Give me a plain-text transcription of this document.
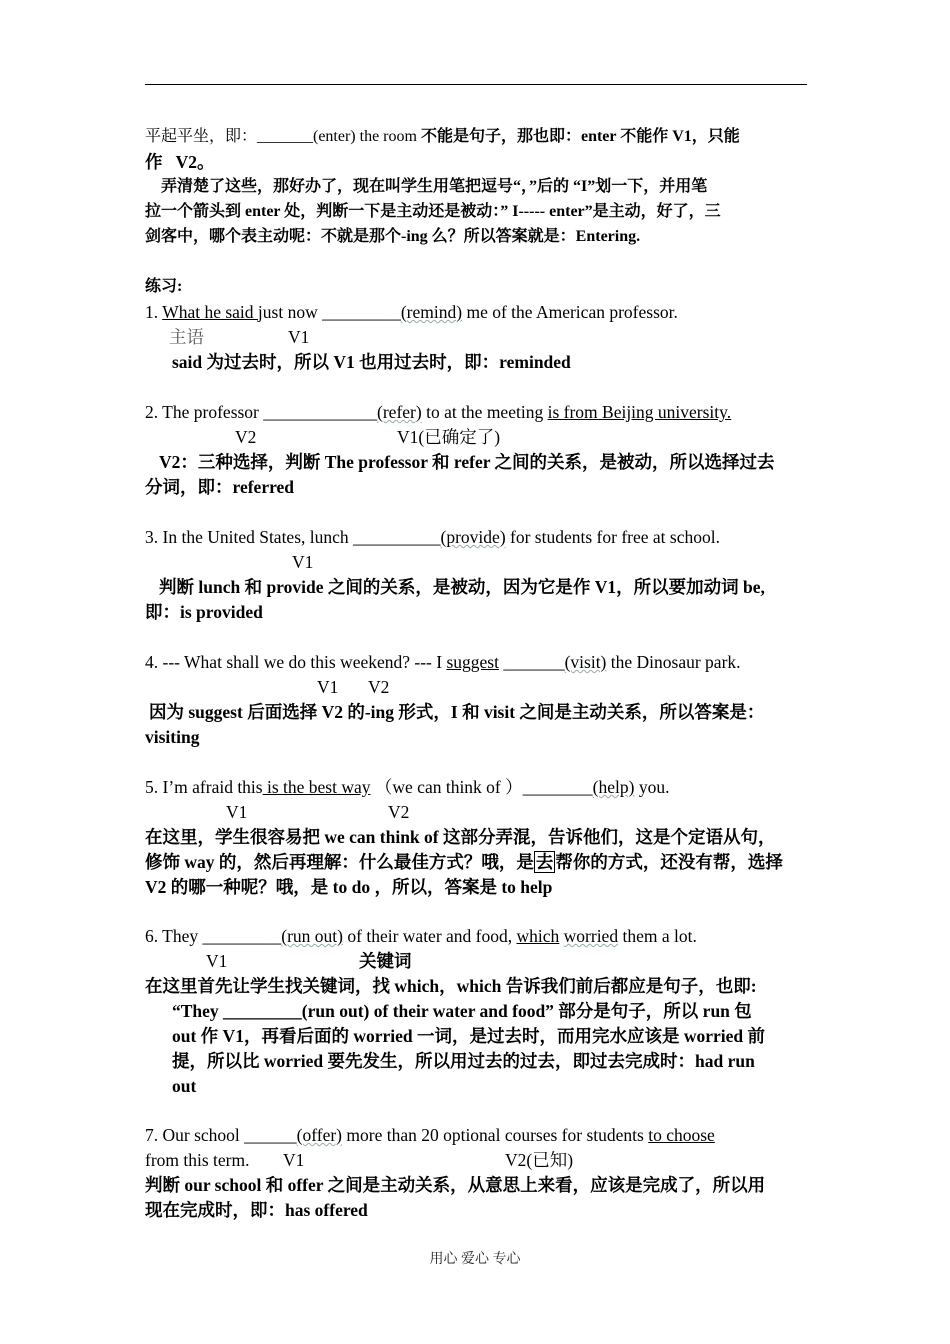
平起平坐，即：_______(enter) the room 不能是句子，那也即：enter 不能作 V1，只能
作   V2。
弄清楚了这些，那好办了，现在叫学生用笔把逗号“，”后的 “I”划一下，并用笔
拉一个箭头到 enter 处，判断一下是主动还是被动：” I----- enter”是主动，好了，三
剑客中，哪个表主动呢：不就是那个-ing 么？所以答案就是：Entering.
练习:
1. What he said just now _________(remind) me of the American professor.
主语	V1
said 为过去时，所以 V1 也用过去时，即：reminded
2. The professor _____________(refer) to at the meeting is from Beijing university.
V2	V1(已确定了)
V2：三种选择，判断 The professor 和 refer 之间的关系，是被动，所以选择过去
分词，即：referred
3. In the United States, lunch __________(provide) for students for free at school.
V1
判断 lunch 和 provide 之间的关系，是被动，因为它是作 V1，所以要加动词 be,
即：is provided
4. --- What shall we do this weekend? --- I suggest _______(visit) the Dinosaur park.
V1 V2
因为 suggest 后面选择 V2 的-ing 形式，I 和 visit 之间是主动关系，所以答案是：
visiting
5. I’m afraid this is the best way （we can think of ）________(help) you.
V1	V2
在这里，学生很容易把 we can think of 这部分弄混，告诉他们，这是个定语从句，
修饰 way 的，然后再理解：什么最佳方式？哦，是 去 帮你的方式，还没有帮，选择
V2 的哪一种呢？哦，是 to do ，所以，答案是 to help
6. They _________(run out) of their water and food, which worried them a lot.
V1	关键词
在这里首先让学生找关键词，找 which，which 告诉我们前后都应是句子，也即:
“They _________(run out) of their water and food” 部分是句子，所以 run 包
out 作 V1，再看后面的 worried 一词，是过去时，而用完水应该是 worried 前
提，所以比 worried 要先发生，所以用过去的过去，即过去完成时：had run
out
7. Our school ______(offer) more than 20 optional courses for students to choose
from this term. V1	V2(已知)
判断 our school 和 offer 之间是主动关系，从意思上来看，应该是完成了，所以用
现在完成时，即：has offered
用心 爱心 专心
